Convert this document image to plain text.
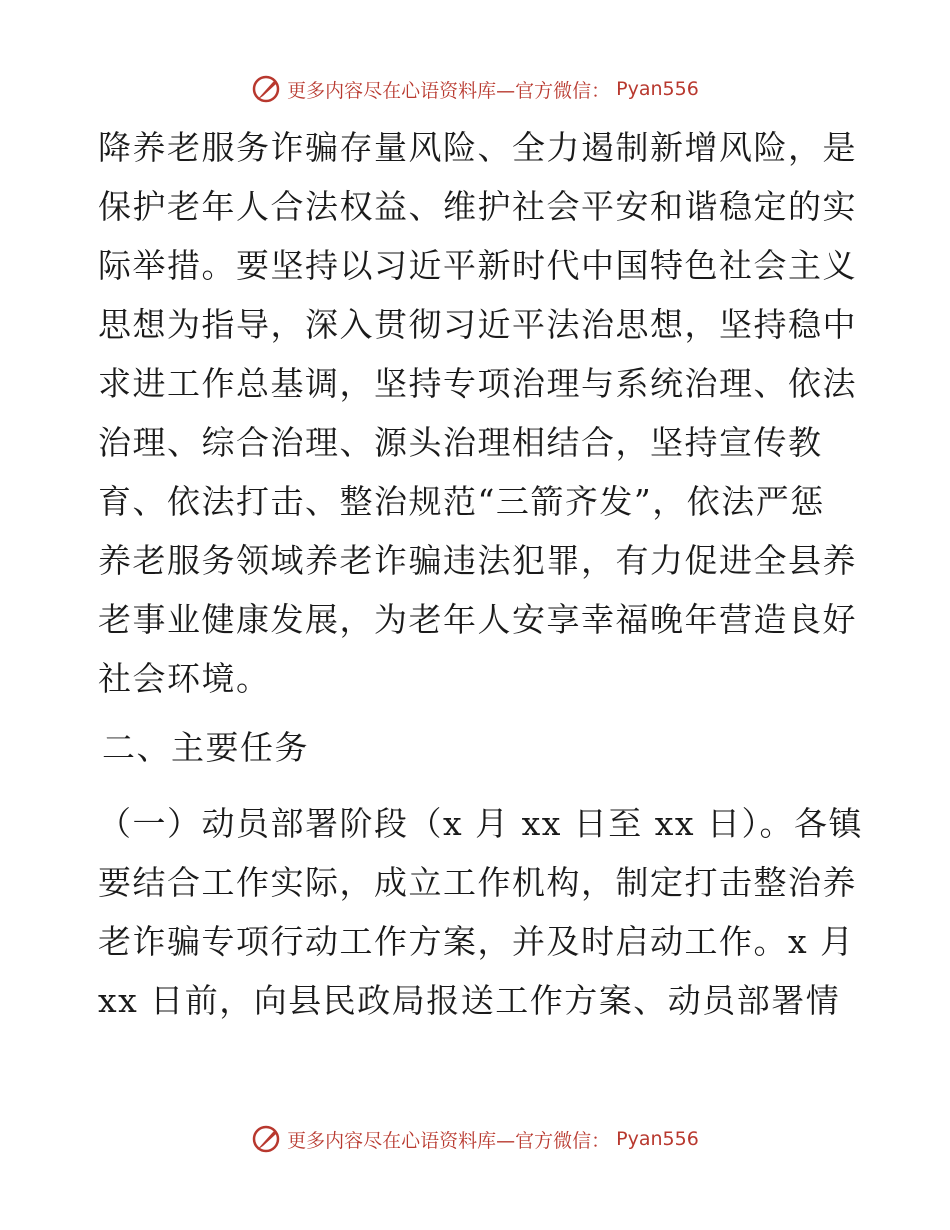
更多内容尽在心语资料库—官方微信： Pyan556
降养老服务诈骗存量风险、全力遏制新增风险，是
保护老年人合法权益、维护社会平安和谐稳定的实
际举措。要坚持以习近平新时代中国特色社会主义
思想为指导，深入贯彻习近平法治思想，坚持稳中
求进工作总基调，坚持专项治理与系统治理、依法
治理、综合治理、源头治理相结合，坚持宣传教
育、依法打击、整治规范“三箭齐发”，依法严惩
养老服务领域养老诈骗违法犯罪，有力促进全县养
老事业健康发展，为老年人安享幸福晚年营造良好
社会环境。
二、主要任务
（一）动员部署阶段（x 月 xx 日至 xx 日）。各镇
要结合工作实际，成立工作机构，制定打击整治养
老诈骗专项行动工作方案，并及时启动工作。x 月
xx 日前，向县民政局报送工作方案、动员部署情
更多内容尽在心语资料库—官方微信： Pyan556
